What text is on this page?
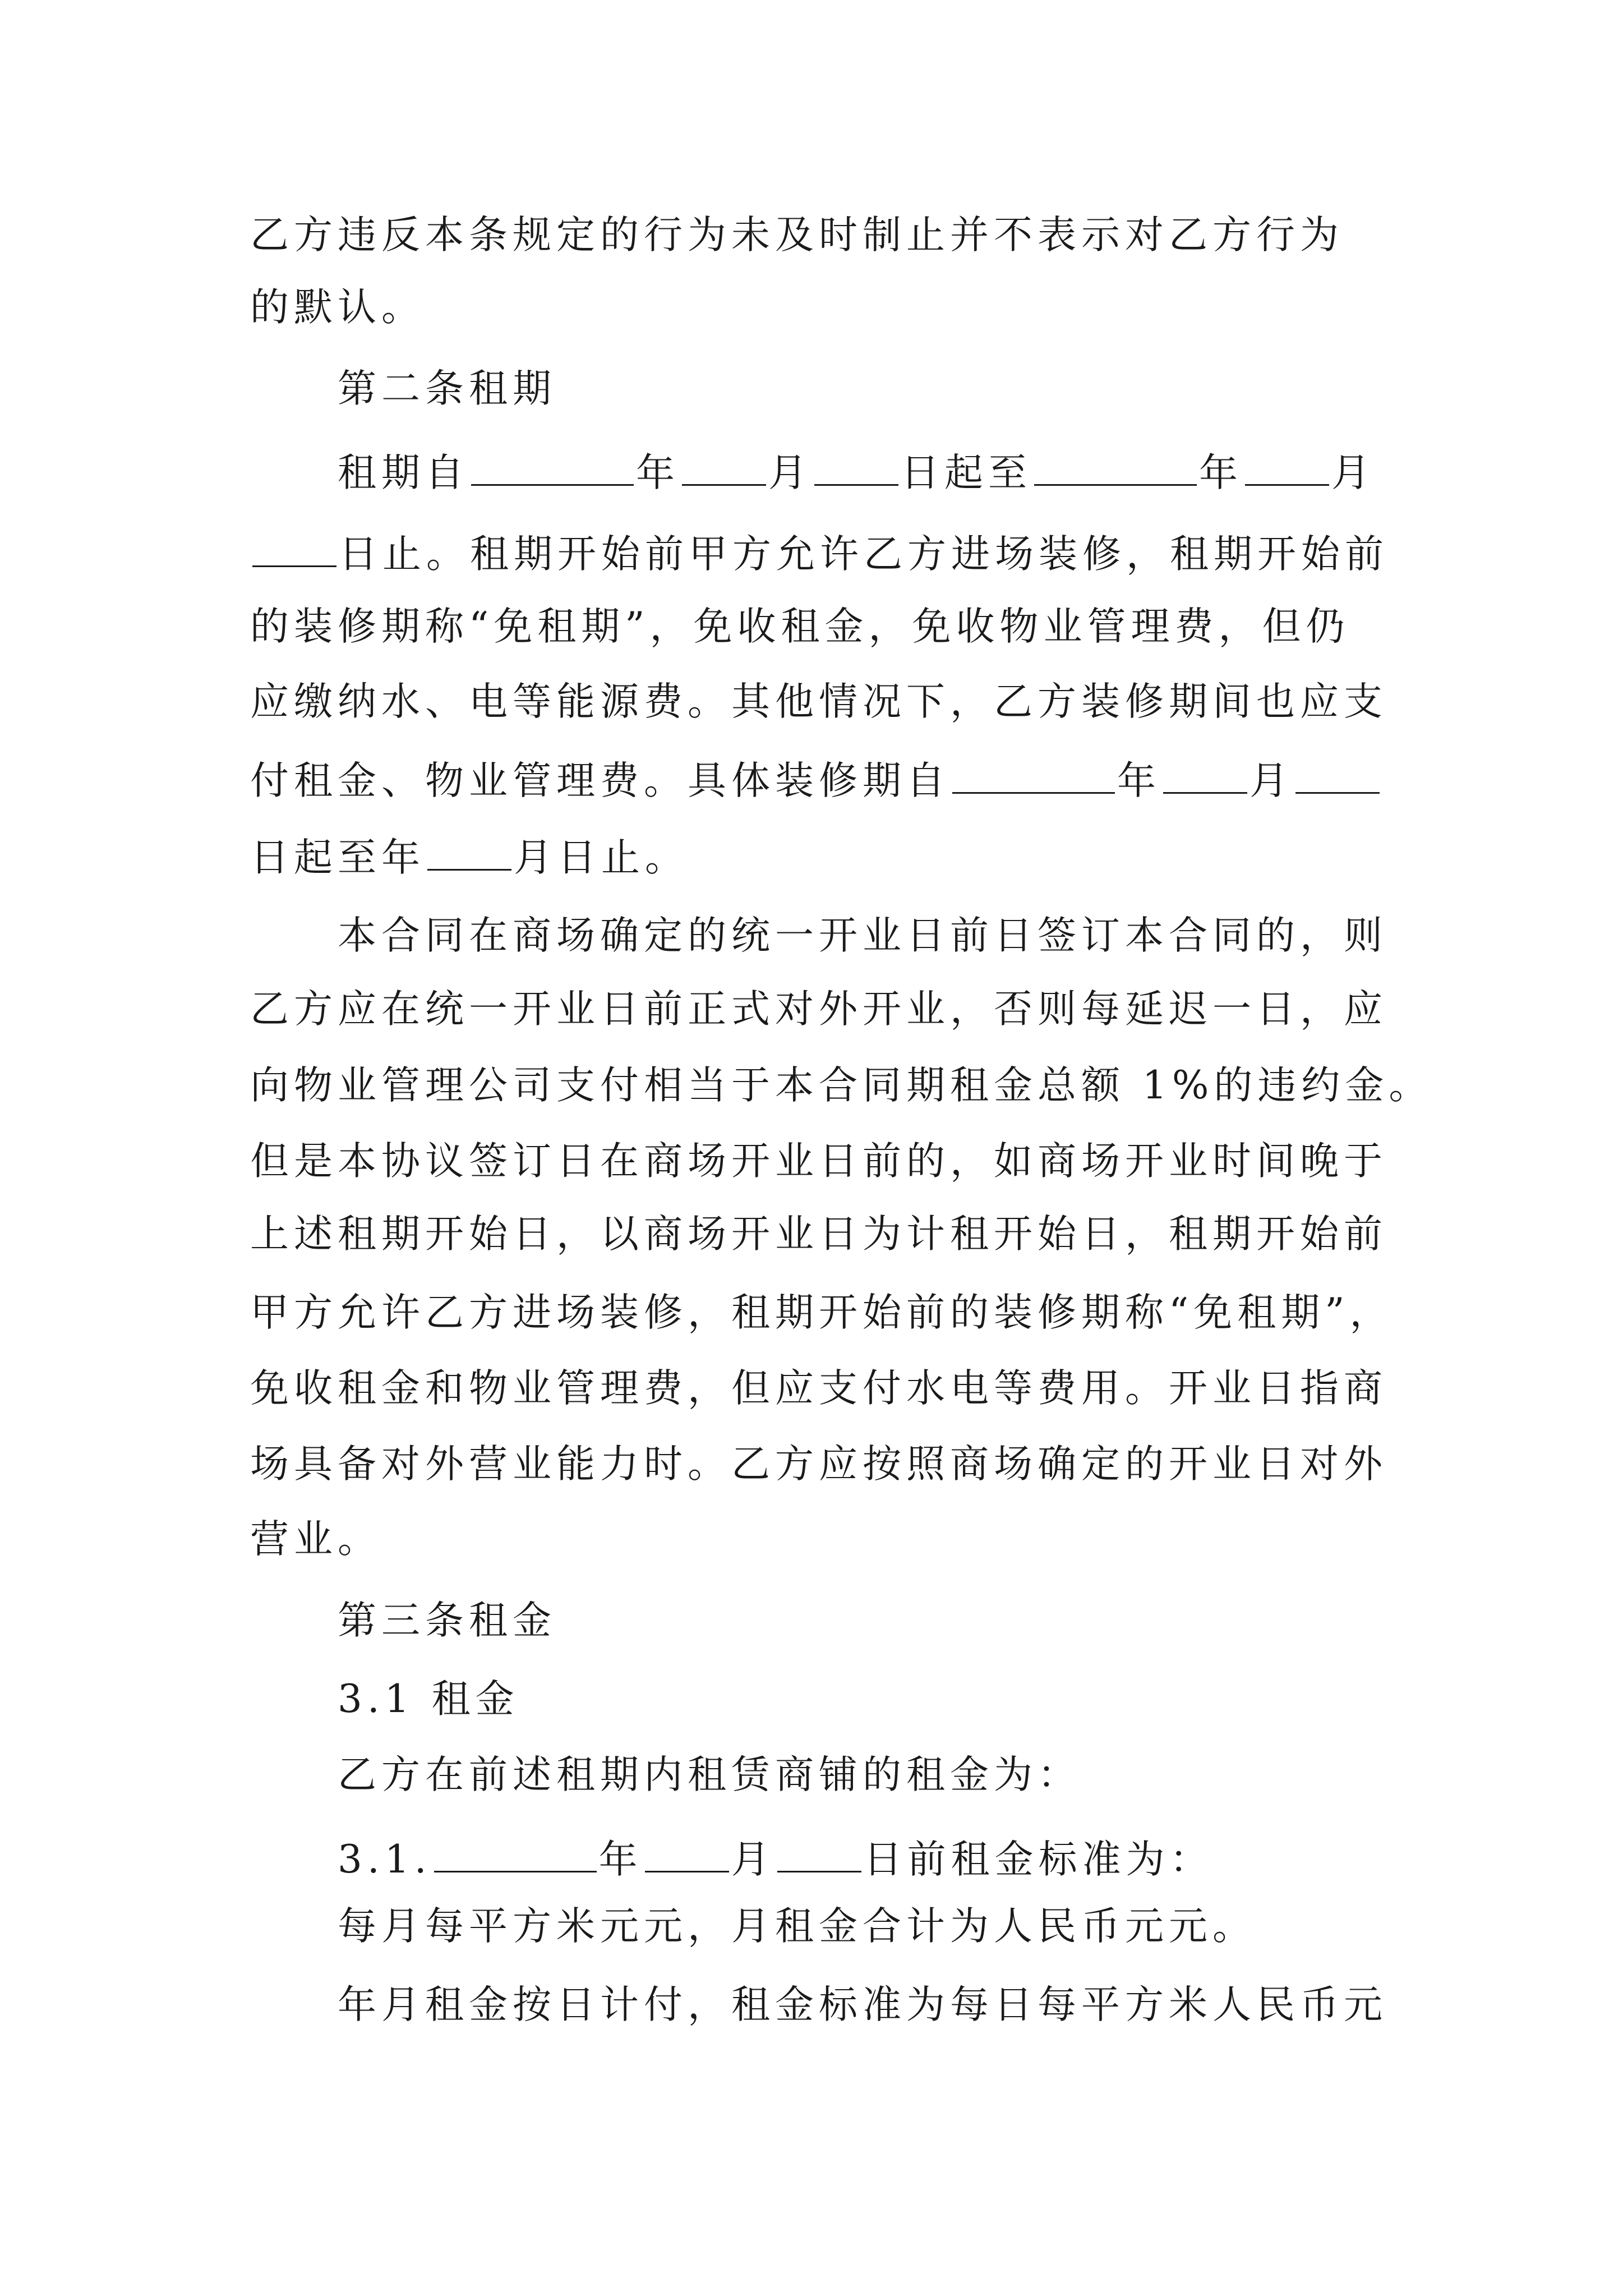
乙方违反本条规定的行为未及时制止并不表示对乙方行为
的默认。
第二条租期
租期自	年 月 日起至	年 月
日止。租期开始前甲方允许乙方进场装修，租期开始前
的装修期称“免租期”，免收租金，免收物业管理费，但仍
应缴纳水、电等能源费。其他情况下，乙方装修期间也应支
付租金、物业管理费。具体装修期自	年 月
日起至年 月日止。
本合同在商场确定的统一开业日前日签订本合同的，则
乙方应在统一开业日前正式对外开业，否则每延迟一日，应
向物业管理公司支付相当于本合同期租金总额 1%的违约金。
但是本协议签订日在商场开业日前的，如商场开业时间晚于
上述租期开始日，以商场开业日为计租开始日，租期开始前
甲方允许乙方进场装修，租期开始前的装修期称“免租期”，
免收租金和物业管理费，但应支付水电等费用。开业日指商
场具备对外营业能力时。乙方应按照商场确定的开业日对外
营业。
第三条租金
3.1 租金
乙方在前述租期内租赁商铺的租金为：
3.1.	年 月 日前租金标准为：
每月每平方米元元，月租金合计为人民币元元。
年月租金按日计付，租金标准为每日每平方米人民币元
